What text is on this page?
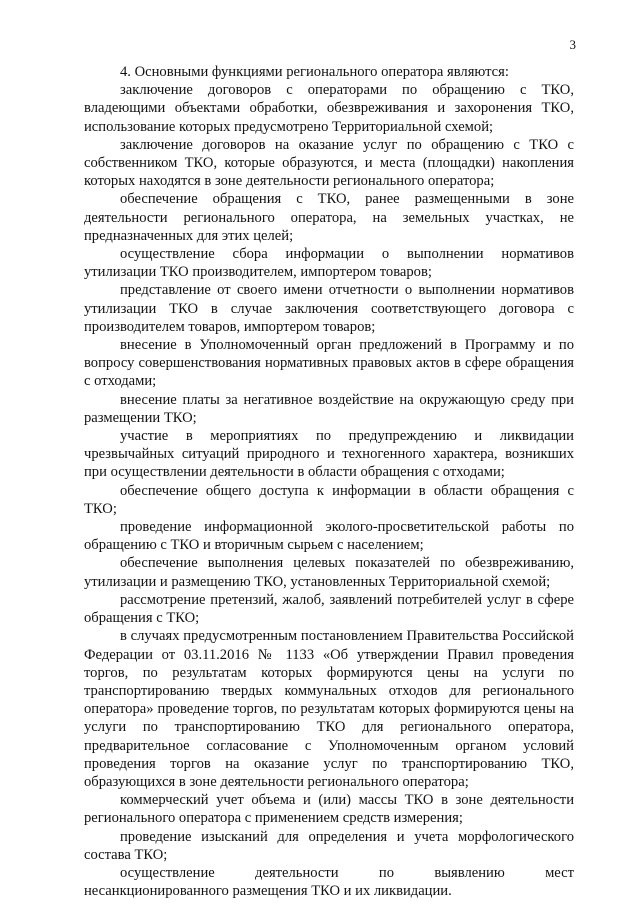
3

4. Основными функциями регионального оператора являются:

заключение договоров с операторами по обращению с ТКО, владеющими объектами обработки, обезвреживания и захоронения ТКО, использование которых предусмотрено Территориальной схемой;
заключение договоров на оказание услуг по обращению с ТКО с собственником ТКО, которые образуются, и места (площадки) накопления которых находятся в зоне деятельности регионального оператора;
обеспечение обращения с ТКО, ранее размещенными в зоне деятельности регионального оператора, на земельных участках, не предназначенных для этих целей;
осуществление сбора информации о выполнении нормативов утилизации ТКО производителем, импортером товаров;
представление от своего имени отчетности о выполнении нормативов утилизации ТКО в случае заключения соответствующего договора с производителем товаров, импортером товаров;
внесение в Уполномоченный орган предложений в Программу и по вопросу совершенствования нормативных правовых актов в сфере обращения с отходами;
внесение платы за негативное воздействие на окружающую среду при размещении ТКО;
участие в мероприятиях по предупреждению и ликвидации чрезвычайных ситуаций природного и техногенного характера, возникших при осуществлении деятельности в области обращения с отходами;
обеспечение общего доступа к информации в области обращения с ТКО;
проведение информационной эколого-просветительской работы по обращению с ТКО и вторичным сырьем с населением;
обеспечение выполнения целевых показателей по обезвреживанию, утилизации и размещению ТКО, установленных Территориальной схемой;
рассмотрение претензий, жалоб, заявлений потребителей услуг в сфере обращения с ТКО;
в случаях предусмотренным постановлением Правительства Российской Федерации от 03.11.2016 № 1133 «Об утверждении Правил проведения торгов, по результатам которых формируются цены на услуги по транспортированию твердых коммунальных отходов для регионального оператора» проведение торгов, по результатам которых формируются цены на услуги по транспортированию ТКО для регионального оператора, предварительное согласование с Уполномоченным органом условий проведения торгов на оказание услуг по транспортированию ТКО, образующихся в зоне деятельности регионального оператора;
коммерческий учет объема и (или) массы ТКО в зоне деятельности регионального оператора с применением средств измерения;
проведение изысканий для определения и учета морфологического состава ТКО;
осуществление деятельности по выявлению мест несанкционированного размещения ТКО и их ликвидации.
